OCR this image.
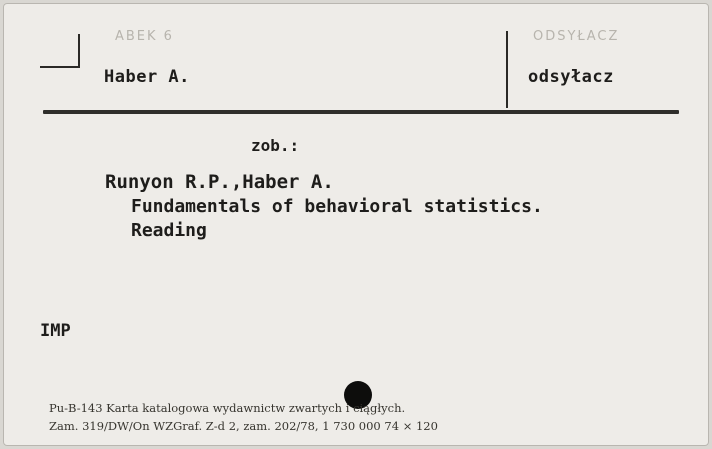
ABEK 6	ODSYŁACZ
Haber A.	odsyłacz
zob.:
Runyon R.P.,Haber A.
Fundamentals of behavioral statistics.
Reading
IMP
Pu-B-143 Karta katalogowa wydawnictw zwartych i ciągłych.
Zam. 319/DW/On WZGraf. Z-d 2, zam. 202/78, 1 730 000 74 × 120
